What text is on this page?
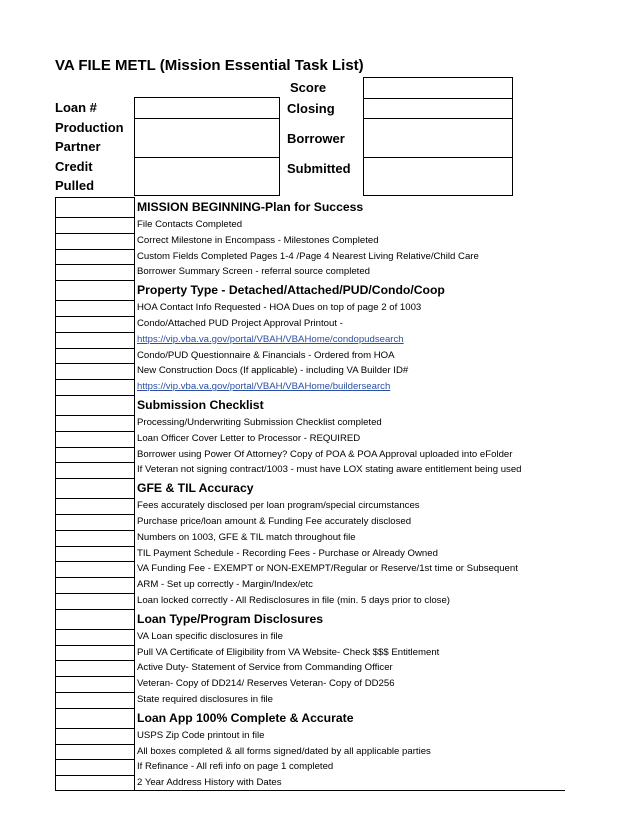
VA FILE METL (Mission Essential Task List)
Score
Loan #
Production
Partner
Credit
Pulled
Closing
Borrower
Submitted
MISSION BEGINNING-Plan for Success
File Contacts Completed
Correct Milestone in Encompass - Milestones Completed
Custom Fields Completed Pages 1-4 /Page 4 Nearest Living Relative/Child Care
Borrower Summary Screen - referral source completed
Property Type - Detached/Attached/PUD/Condo/Coop
HOA Contact Info Requested - HOA Dues on top of page 2 of 1003
Condo/Attached PUD Project Approval Printout -
https://vip.vba.va.gov/portal/VBAH/VBAHome/condopudsearch
Condo/PUD Questionnaire & Financials - Ordered from HOA
New Construction Docs (If applicable) - including VA Builder ID#
https://vip.vba.va.gov/portal/VBAH/VBAHome/buildersearch
Submission Checklist
Processing/Underwriting Submission Checklist completed
Loan Officer Cover Letter to Processor - REQUIRED
Borrower using Power Of Attorney? Copy of POA & POA Approval uploaded into eFolder
If Veteran not signing contract/1003 - must have LOX stating aware entitlement being used
GFE & TIL Accuracy
Fees accurately disclosed per loan program/special circumstances
Purchase price/loan amount & Funding Fee accurately disclosed
Numbers on 1003, GFE & TIL match throughout file
TIL Payment Schedule - Recording Fees - Purchase or Already Owned
VA Funding Fee - EXEMPT or NON-EXEMPT/Regular or Reserve/1st time or Subsequent
ARM - Set up correctly - Margin/Index/etc
Loan locked correctly - All Redisclosures in file (min. 5 days prior to close)
Loan Type/Program Disclosures
VA Loan specific disclosures in file
Pull VA Certificate of Eligibility from VA Website- Check $$$ Entitlement
Active Duty- Statement of Service from Commanding Officer
Veteran- Copy of DD214/ Reserves Veteran- Copy of DD256
State required disclosures in file
Loan App 100% Complete & Accurate
USPS Zip Code printout in file
All boxes completed & all forms signed/dated by all applicable parties
If Refinance - All refi info on page 1 completed
2 Year Address History with Dates
